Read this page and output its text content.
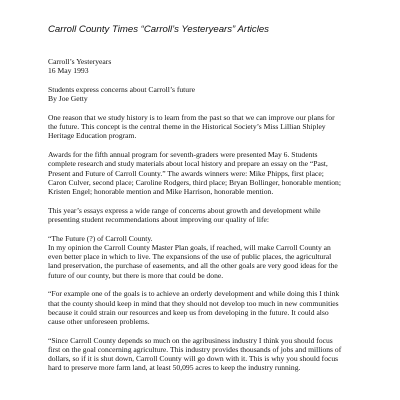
Carroll County Times “Carroll’s Yesteryears” Articles
Carroll’s Yesteryears
16 May 1993
Students express concerns about Carroll’s future
By Joe Getty
One reason that we study history is to learn from the past so that we can improve our plans for
the future. This concept is the central theme in the Historical Society’s Miss Lillian Shipley
Heritage Education program.
Awards for the fifth annual program for seventh-graders were presented May 6. Students
complete research and study materials about local history and prepare an essay on the “Past,
Present and Future of Carroll County.” The awards winners were: Mike Phipps, first place;
Caron Culver, second place; Caroline Rodgers, third place; Bryan Bollinger, honorable mention;
Kristen Engel; honorable mention and Mike Harrison, honorable mention.
This year’s essays express a wide range of concerns about growth and development while
presenting student recommendations about improving our quality of life:
“The Future (?) of Carroll County.
In my opinion the Carroll County Master Plan goals, if reached, will make Carroll County an
even better place in which to live. The expansions of the use of public places, the agricultural
land preservation, the purchase of easements, and all the other goals are very good ideas for the
future of our county, but there is more that could be done.
“For example one of the goals is to achieve an orderly development and while doing this I think
that the county should keep in mind that they should not develop too much in new communities
because it could strain our resources and keep us from developing in the future. It could also
cause other unforeseen problems.
“Since Carroll County depends so much on the agribusiness industry I think you should focus
first on the goal concerning agriculture. This industry provides thousands of jobs and millions of
dollars, so if it is shut down, Carroll County will go down with it. This is why you should focus
hard to preserve more farm land, at least 50,095 acres to keep the industry running.
